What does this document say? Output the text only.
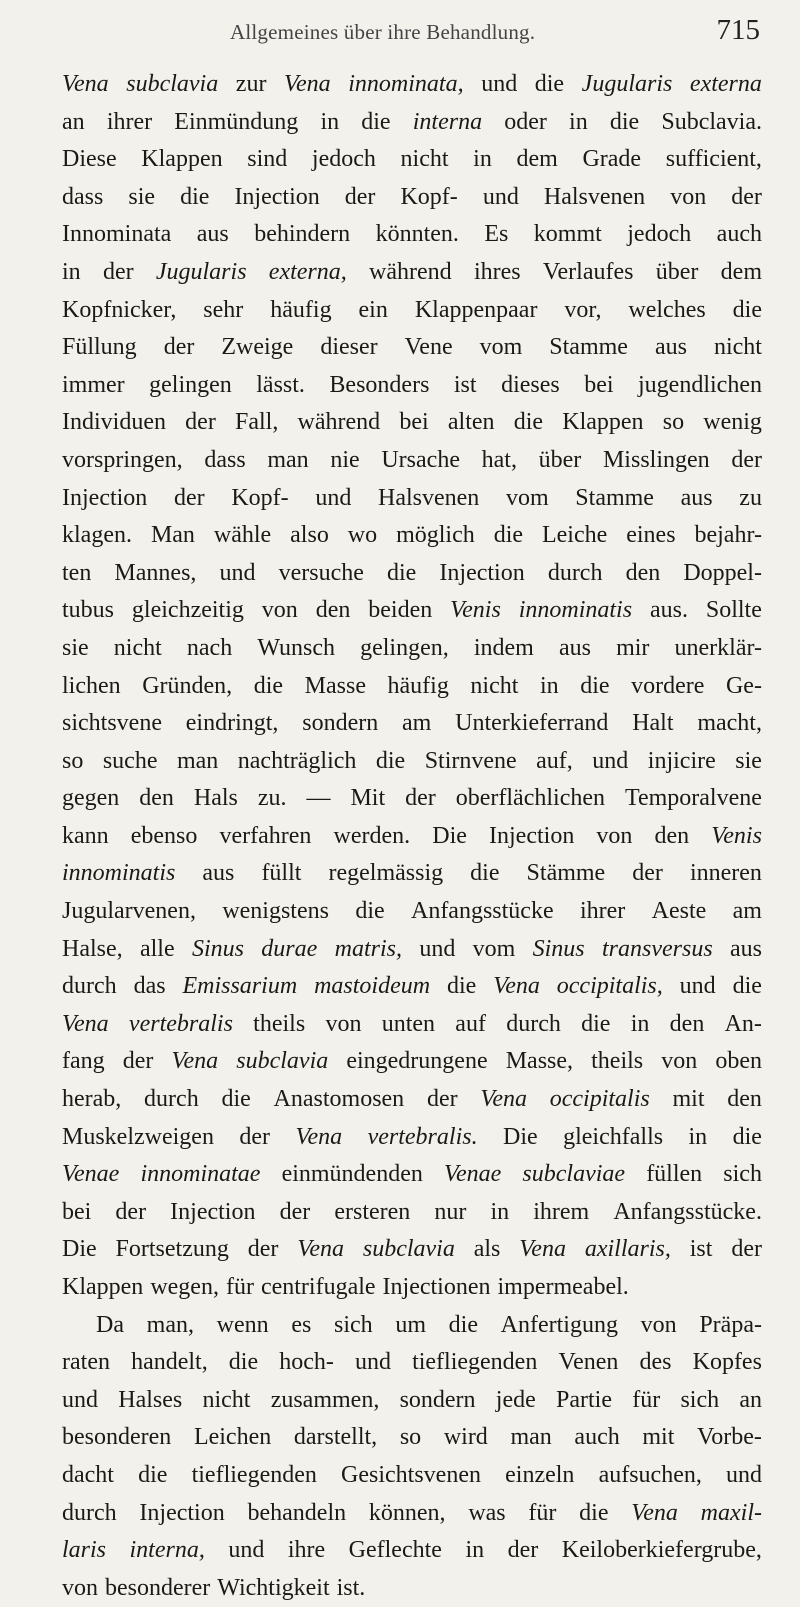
Allgemeines über ihre Behandlung.	715
Vena subclavia zur Vena innominata, und die Jugularis externa
an ihrer Einmündung in die interna oder in die Subclavia.
Diese Klappen sind jedoch nicht in dem Grade sufficient,
dass sie die Injection der Kopf- und Halsvenen von der
Innominata aus behindern könnten. Es kommt jedoch auch
in der Jugularis externa, während ihres Verlaufes über dem
Kopfnicker, sehr häufig ein Klappenpaar vor, welches die
Füllung der Zweige dieser Vene vom Stamme aus nicht
immer gelingen lässt. Besonders ist dieses bei jugendlichen
Individuen der Fall, während bei alten die Klappen so wenig
vorspringen, dass man nie Ursache hat, über Misslingen der
Injection der Kopf- und Halsvenen vom Stamme aus zu
klagen. Man wähle also wo möglich die Leiche eines bejahr-
ten Mannes, und versuche die Injection durch den Doppel-
tubus gleichzeitig von den beiden Venis innominatis aus. Sollte
sie nicht nach Wunsch gelingen, indem aus mir unerklär-
lichen Gründen, die Masse häufig nicht in die vordere Ge-
sichtsvene eindringt, sondern am Unterkieferrand Halt macht,
so suche man nachträglich die Stirnvene auf, und injicire sie
gegen den Hals zu. — Mit der oberflächlichen Temporalvene
kann ebenso verfahren werden. Die Injection von den Venis
innominatis aus füllt regelmässig die Stämme der inneren
Jugularvenen, wenigstens die Anfangsstücke ihrer Aeste am
Halse, alle Sinus durae matris, und vom Sinus transversus aus
durch das Emissarium mastoideum die Vena occipitalis, und die
Vena vertebralis theils von unten auf durch die in den An-
fang der Vena subclavia eingedrungene Masse, theils von oben
herab, durch die Anastomosen der Vena occipitalis mit den
Muskelzweigen der Vena vertebralis. Die gleichfalls in die
Venae innominatae einmündenden Venae subclaviae füllen sich
bei der Injection der ersteren nur in ihrem Anfangsstücke.
Die Fortsetzung der Vena subclavia als Vena axillaris, ist der
Klappen wegen, für centrifugale Injectionen impermeabel.
Da man, wenn es sich um die Anfertigung von Präpa-
raten handelt, die hoch- und tiefliegenden Venen des Kopfes
und Halses nicht zusammen, sondern jede Partie für sich an
besonderen Leichen darstellt, so wird man auch mit Vorbe-
dacht die tiefliegenden Gesichtsvenen einzeln aufsuchen, und
durch Injection behandeln können, was für die Vena maxil-
laris interna, und ihre Geflechte in der Keiloberkiefergrube,
von besonderer Wichtigkeit ist.
